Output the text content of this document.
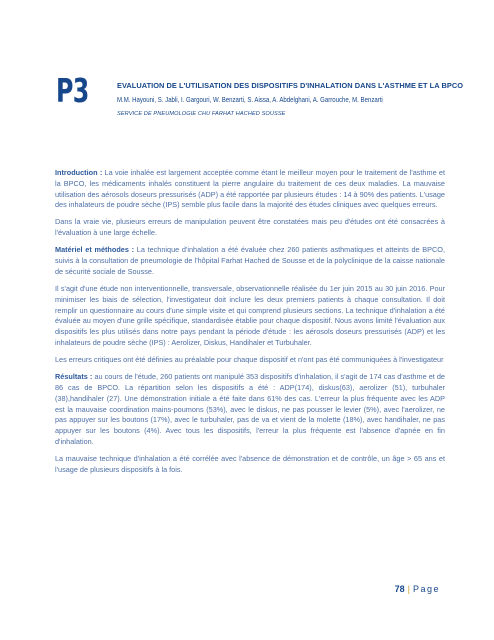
P3	EVALUATION DE L'UTILISATION DES DISPOSITIFS D'INHALATION DANS L'ASTHME ET LA BPCO
M.M. Hayouni, S. Jabli, I. Gargouri, W. Benzarti, S. Aissa, A. Abdelghani, A. Garrouche, M. Benzarti
SERVICE DE PNEUMOLOGIE CHU FARHAT HACHED SOUSSE

Introduction : La voie inhalée est largement acceptée comme étant le meilleur moyen pour le traitement de l'asthme et la BPCO, les médicaments inhalés constituent la pierre angulaire du traitement de ces deux maladies. La mauvaise utilisation des aérosols doseurs pressurisés (ADP) a été rapportée par plusieurs études : 14 à 90% des patients. L'usage des inhalateurs de poudre sèche (IPS) semble plus facile dans la majorité des études cliniques avec quelques erreurs.

Dans la vraie vie, plusieurs erreurs de manipulation peuvent être constatées mais peu d'études ont été consacrées à l'évaluation à une large échelle.

Matériel et méthodes : La technique d'inhalation a été évaluée chez 260 patients asthmatiques et atteints de BPCO, suivis à la consultation de pneumologie de l'hôpital Farhat Hached de Sousse et de la polyclinique de la caisse nationale de sécurité sociale de Sousse.

Il s'agit d'une étude non interventionnelle, transversale, observationnelle réalisée du 1er juin 2015 au 30 juin 2016. Pour minimiser les biais de sélection, l'investigateur doit inclure les deux premiers patients à chaque consultation. Il doit remplir un questionnaire au cours d'une simple visite et qui comprend plusieurs sections. La technique d'inhalation a été évaluée au moyen d'une grille spécifique, standardisée établie pour chaque dispositif. Nous avons limité l'évaluation aux dispositifs les plus utilisés dans notre pays pendant la période d'étude : les aérosols doseurs pressurisés (ADP) et les inhalateurs de poudre sèche (IPS) : Aerolizer, Diskus, Handihaler et Turbuhaler.

Les erreurs critiques ont été définies au préalable pour chaque dispositif et n'ont pas été communiquées à l'investigateur

Résultats : au cours de l'étude, 260 patients ont manipulé 353 dispositifs d'inhalation, il s'agit de 174 cas d'asthme et de 86 cas de BPCO. La répartition selon les dispositifs a été : ADP(174), diskus(63), aerolizer (51), turbuhaler (38),handihaler (27). Une démonstration initiale a été faite dans 61% des cas. L'erreur la plus fréquente avec les ADP est la mauvaise coordination mains-poumons (53%), avec le diskus, ne pas pousser le levier (5%), avec l'aerolizer, ne pas appuyer sur les boutons (17%), avec le turbuhaler, pas de va et vient de la molette (18%), avec handihaler, ne pas appuyer sur les boutons (4%). Avec tous les dispositifs, l'erreur la plus fréquente est l'absence d'apnée en fin d'inhalation.

La mauvaise technique d'inhalation a été corrélée avec l'absence de démonstration et de contrôle, un âge > 65 ans et l'usage de plusieurs dispositifs à la fois.

78 | Page
